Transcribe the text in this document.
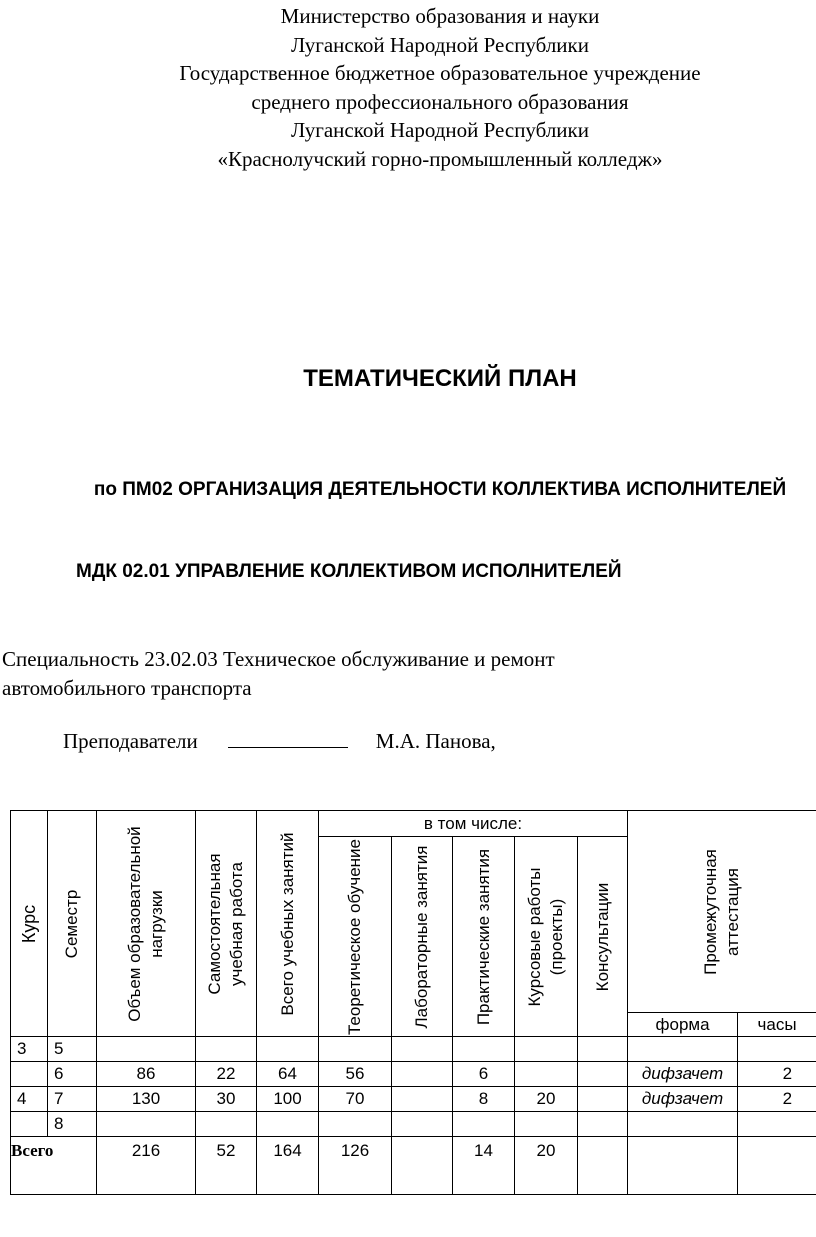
Министерство образования и науки
Луганской Народной Республики
Государственное бюджетное образовательное учреждение
среднего профессионального образования
Луганской Народной Республики
«Краснолучский горно-промышленный колледж»
ТЕМАТИЧЕСКИЙ ПЛАН
по ПМ02 ОРГАНИЗАЦИЯ ДЕЯТЕЛЬНОСТИ КОЛЛЕКТИВА ИСПОЛНИТЕЛЕЙ
МДК 02.01 УПРАВЛЕНИЕ КОЛЛЕКТИВОМ ИСПОЛНИТЕЛЕЙ
Специальность 23.02.03 Техническое обслуживание и ремонт автомобильного транспорта
Преподаватели	М.А. Панова,
Курс	Семестр	Объем образовательной нагрузки	Самостоятельная учебная работа	Всего учебных занятий	в том числе:					Промежуточная аттестация	

					Теоретическое обучение	Лабораторные занятия	Практические занятия	Курсовые работы (проекты)	Консультации		

										форма	часы
3	5										
	6	86	22	64	56		6			дифзачет	2
4	7	130	30	100	70		8	20		дифзачет	2
	8										
Всего		216	52	164	126		14	20			
